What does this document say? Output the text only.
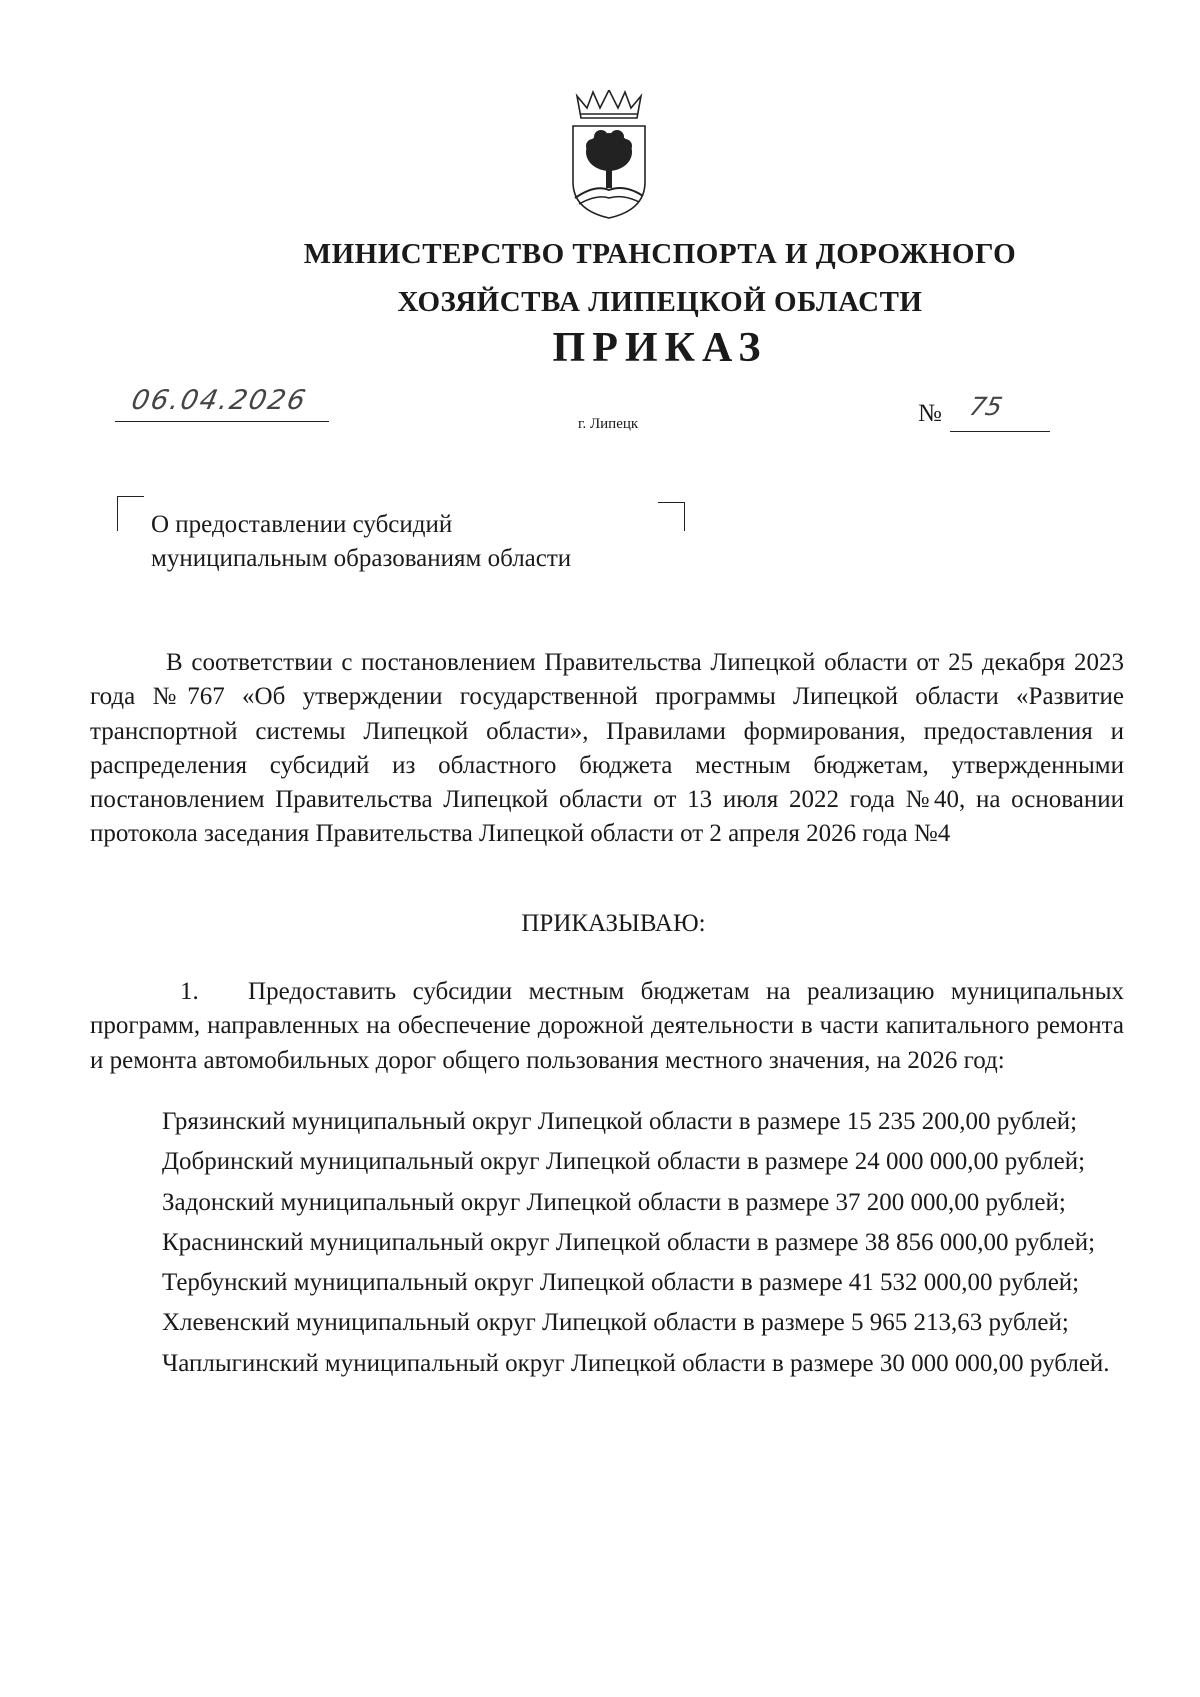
МИНИСТЕРСТВО ТРАНСПОРТА И ДОРОЖНОГО
ХОЗЯЙСТВА ЛИПЕЦКОЙ ОБЛАСТИ
ПРИКАЗ
06.04.2026
г. Липецк	№ 75
О предоставлении субсидий
муниципальным образованиям области
В соответствии с постановлением Правительства Липецкой области от 25 декабря 2023 года №767 «Об утверждении государственной программы Липецкой области «Развитие транспортной системы Липецкой области», Правилами формирования, предоставления и распределения субсидий из областного бюджета местным бюджетам, утвержденными постановлением Правительства Липецкой области от 13 июля 2022 года №40, на основании протокола заседания Правительства Липецкой области от 2 апреля 2026 года №4
ПРИКАЗЫВАЮ:
1.   Предоставить субсидии местным бюджетам на реализацию муниципальных программ, направленных на обеспечение дорожной деятельности в части капитального ремонта и ремонта автомобильных дорог общего пользования местного значения, на 2026 год:
Грязинский муниципальный округ Липецкой области в размере 15 235 200,00 рублей;
Добринский муниципальный округ Липецкой области в размере 24 000 000,00 рублей;
Задонский муниципальный округ Липецкой области в размере 37 200 000,00 рублей;
Краснинский муниципальный округ Липецкой области в размере 38 856 000,00 рублей;
Тербунский муниципальный округ Липецкой области в размере 41 532 000,00 рублей;
Хлевенский муниципальный округ Липецкой области в размере 5 965 213,63 рублей;
Чаплыгинский муниципальный округ Липецкой области в размере 30 000 000,00 рублей.
